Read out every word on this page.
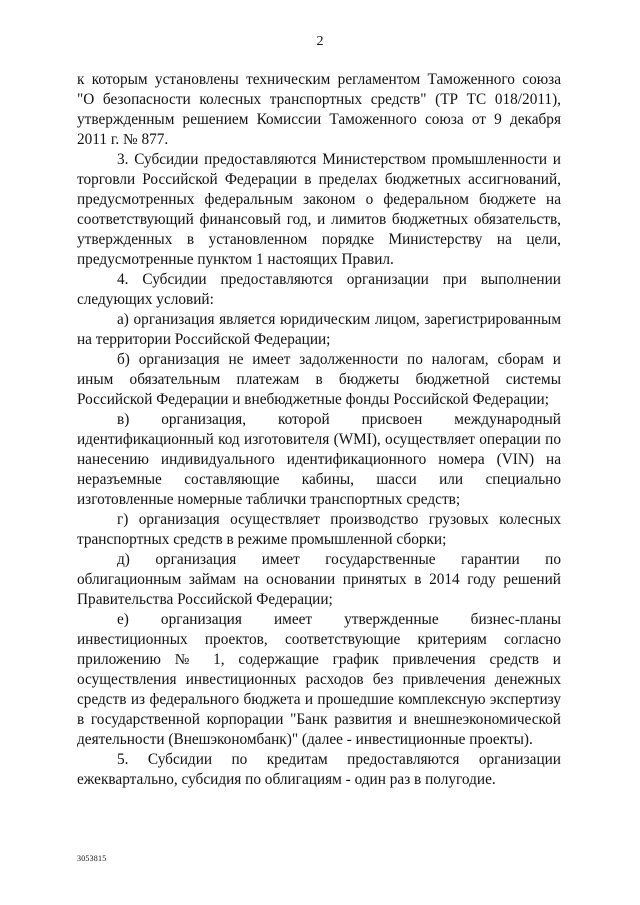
2

к которым установлены техническим регламентом Таможенного союза "О безопасности колесных транспортных средств" (ТР ТС 018/2011), утвержденным решением Комиссии Таможенного союза от 9 декабря 2011 г. № 877.

3. Субсидии предоставляются Министерством промышленности и торговли Российской Федерации в пределах бюджетных ассигнований, предусмотренных федеральным законом о федеральном бюджете на соответствующий финансовый год, и лимитов бюджетных обязательств, утвержденных в установленном порядке Министерству на цели, предусмотренные пунктом 1 настоящих Правил.

4. Субсидии предоставляются организации при выполнении следующих условий:

а) организация является юридическим лицом, зарегистрированным на территории Российской Федерации;

б) организация не имеет задолженности по налогам, сборам и иным обязательным платежам в бюджеты бюджетной системы Российской Федерации и внебюджетные фонды Российской Федерации;

в) организация, которой присвоен международный идентификационный код изготовителя (WMI), осуществляет операции по нанесению индивидуального идентификационного номера (VIN) на неразъемные составляющие кабины, шасси или специально изготовленные номерные таблички транспортных средств;

г) организация осуществляет производство грузовых колесных транспортных средств в режиме промышленной сборки;

д) организация имеет государственные гарантии по облигационным займам на основании принятых в 2014 году решений Правительства Российской Федерации;

е) организация имеет утвержденные бизнес-планы инвестиционных проектов, соответствующие критериям согласно приложению № 1, содержащие график привлечения средств и осуществления инвестиционных расходов без привлечения денежных средств из федерального бюджета и прошедшие комплексную экспертизу в государственной корпорации "Банк развития и внешнеэкономической деятельности (Внешэкономбанк)" (далее - инвестиционные проекты).

5. Субсидии по кредитам предоставляются организации ежеквартально, субсидия по облигациям - один раз в полугодие.

3053815
